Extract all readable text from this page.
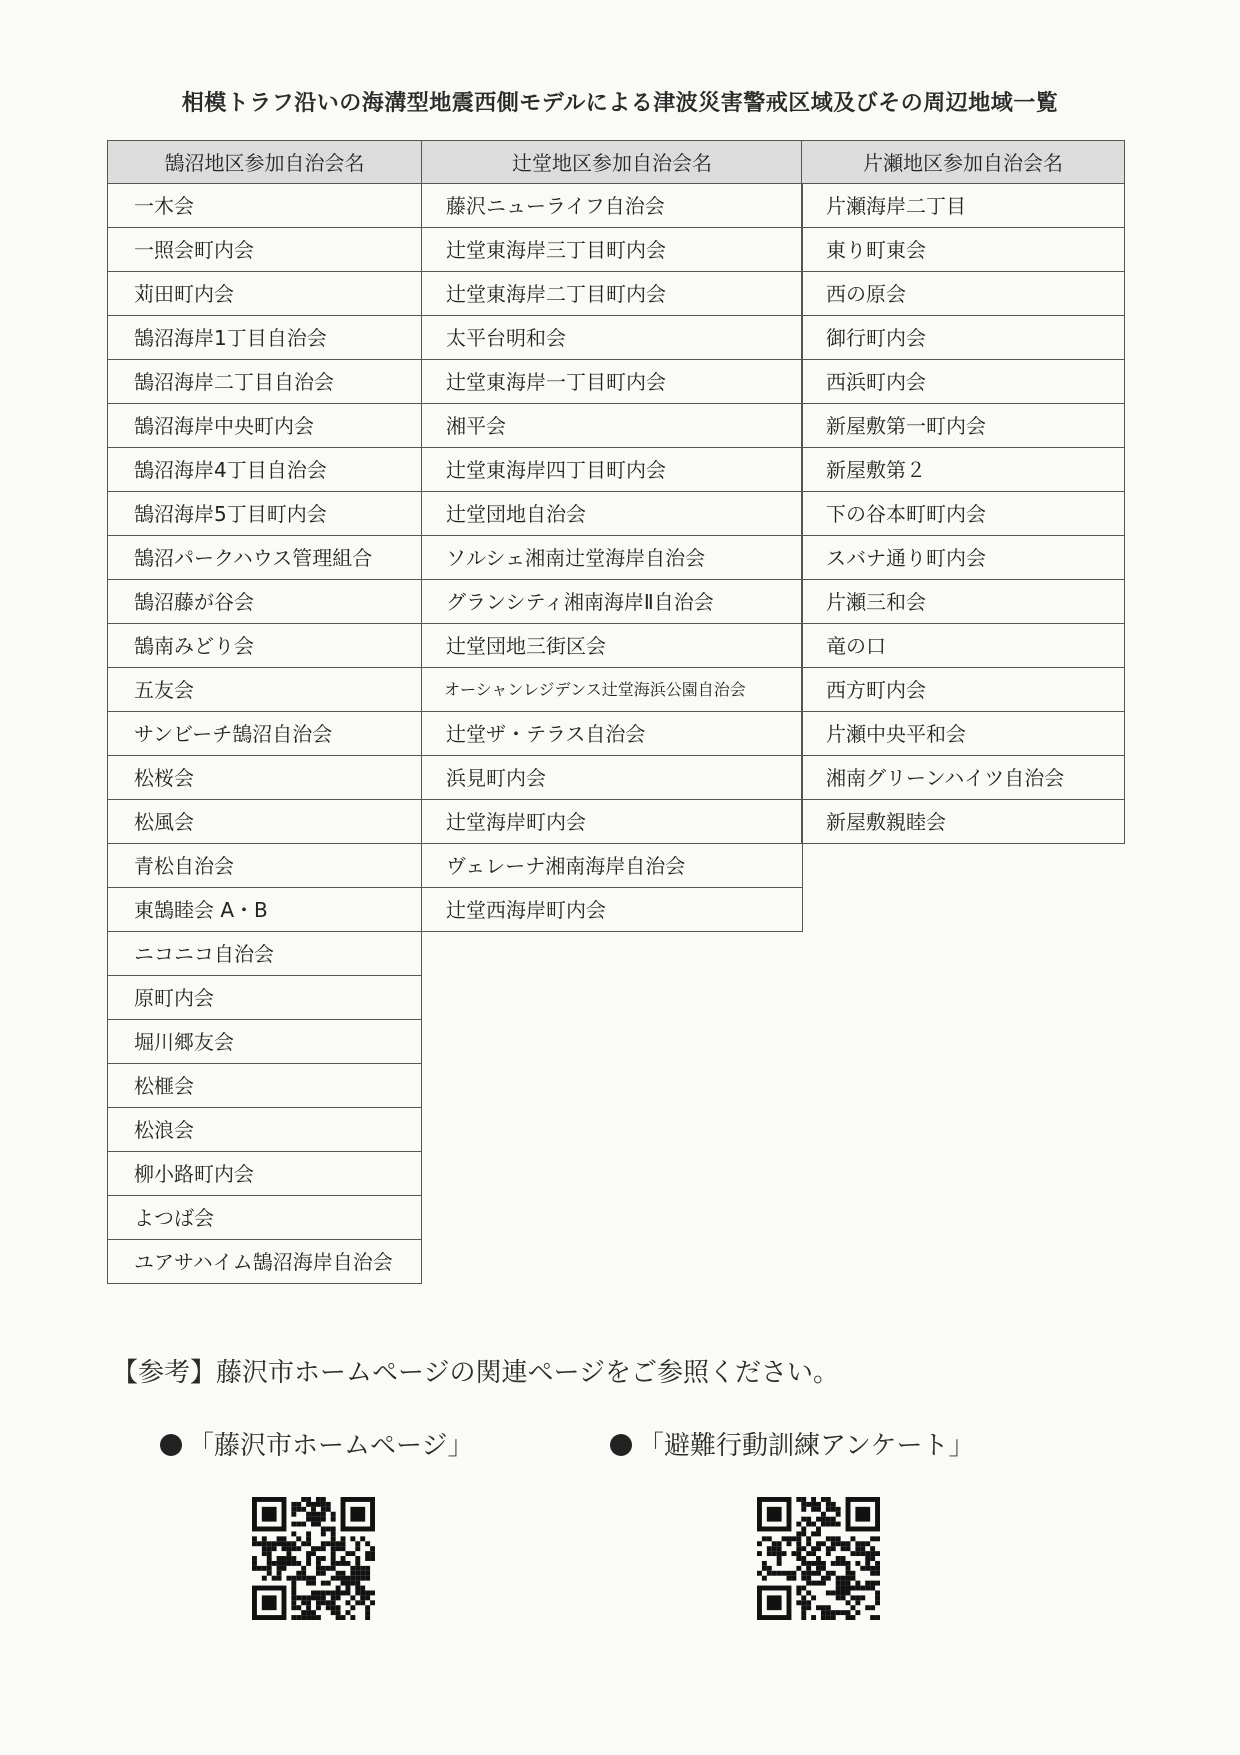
相模トラフ沿いの海溝型地震西側モデルによる津波災害警戒区域及びその周辺地域一覧
鵠沼地区参加自治会名
一木会
一照会町内会
苅田町内会
鵠沼海岸1丁目自治会
鵠沼海岸二丁目自治会
鵠沼海岸中央町内会
鵠沼海岸4丁目自治会
鵠沼海岸5丁目町内会
鵠沼パークハウス管理組合
鵠沼藤が谷会
鵠南みどり会
五友会
サンビーチ鵠沼自治会
松桜会
松風会
青松自治会
東鵠睦会 A・B
ニコニコ自治会
原町内会
堀川郷友会
松榧会
松浪会
柳小路町内会
よつば会
ユアサハイム鵠沼海岸自治会
辻堂地区参加自治会名
藤沢ニューライフ自治会
辻堂東海岸三丁目町内会
辻堂東海岸二丁目町内会
太平台明和会
辻堂東海岸一丁目町内会
湘平会
辻堂東海岸四丁目町内会
辻堂団地自治会
ソルシェ湘南辻堂海岸自治会
グランシティ湘南海岸Ⅱ自治会
辻堂団地三街区会
オーシャンレジデンス辻堂海浜公園自治会
辻堂ザ・テラス自治会
浜見町内会
辻堂海岸町内会
ヴェレーナ湘南海岸自治会
辻堂西海岸町内会
片瀬地区参加自治会名
片瀬海岸二丁目
東り町東会
西の原会
御行町内会
西浜町内会
新屋敷第一町内会
新屋敷第２
下の谷本町町内会
スバナ通り町内会
片瀬三和会
竜の口
西方町内会
片瀬中央平和会
湘南グリーンハイツ自治会
新屋敷親睦会
【参考】藤沢市ホームページの関連ページをご参照ください。
「藤沢市ホームページ」	「避難行動訓練アンケート」
